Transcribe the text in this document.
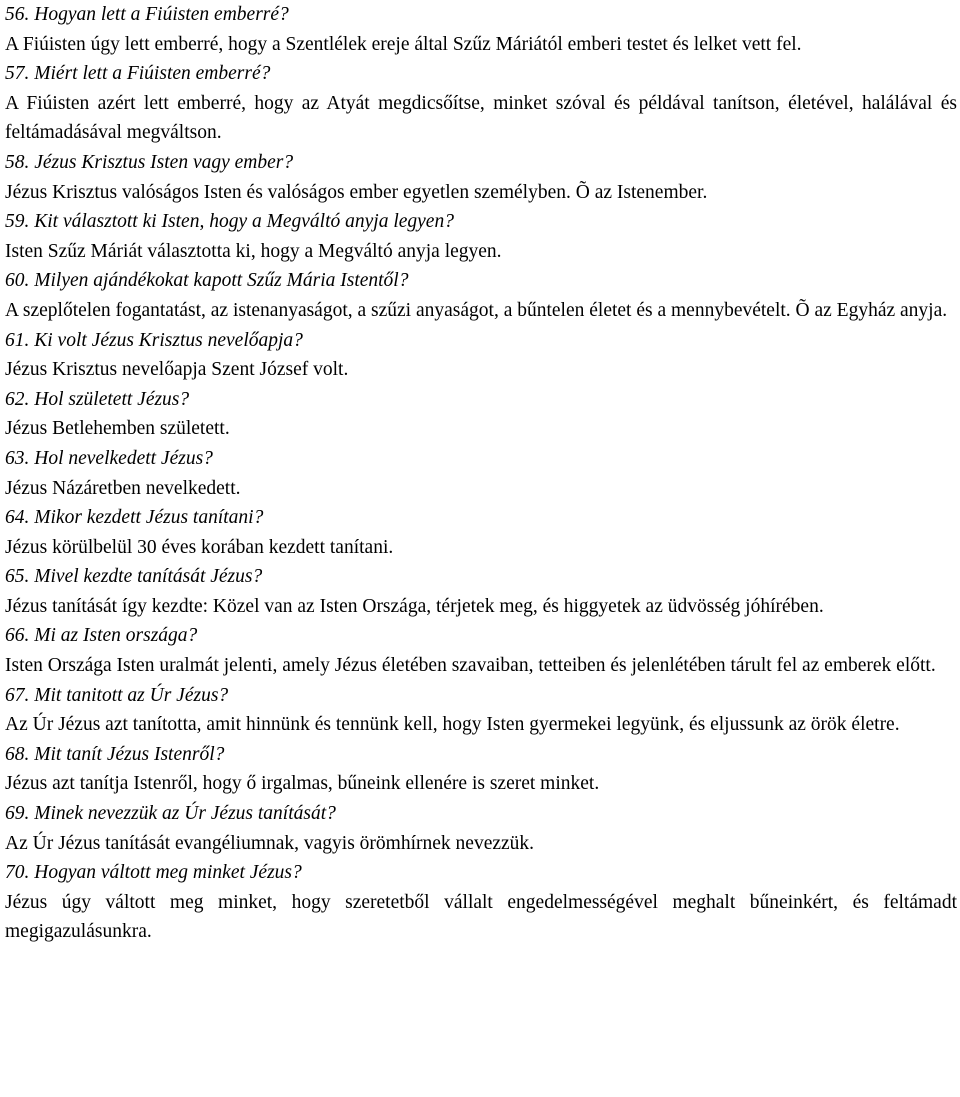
56. Hogyan lett a Fiúisten emberré?
A Fiúisten úgy lett emberré, hogy a Szentlélek ereje által Szűz Máriától emberi testet és lelket vett fel.
57. Miért lett a Fiúisten emberré?
A Fiúisten azért lett emberré, hogy az Atyát megdicsőítse, minket szóval és példával tanítson, életével, halálával és feltámadásával megváltson.
58. Jézus Krisztus Isten vagy ember?
Jézus Krisztus valóságos Isten és valóságos ember egyetlen személyben. Õ az Istenember.
59. Kit választott ki Isten, hogy a Megváltó anyja legyen?
Isten Szűz Máriát választotta ki, hogy a Megváltó anyja legyen.
60. Milyen ajándékokat kapott Szűz Mária Istentől?
A szeplőtelen fogantatást, az istenanyaságot, a szűzi anyaságot, a bűntelen életet és a mennybevételt. Õ az Egyház anyja.
61. Ki volt Jézus Krisztus nevelőapja?
Jézus Krisztus nevelőapja Szent József volt.
62. Hol született Jézus?
Jézus Betlehemben született.
63. Hol nevelkedett Jézus?
Jézus Názáretben nevelkedett.
64. Mikor kezdett Jézus tanítani?
Jézus körülbelül 30 éves korában kezdett tanítani.
65. Mivel kezdte tanítását Jézus?
Jézus tanítását így kezdte: Közel van az Isten Országa, térjetek meg, és higgyetek az üdvösség jóhírében.
66. Mi az Isten országa?
Isten Országa Isten uralmát jelenti, amely Jézus életében szavaiban, tetteiben és jelenlétében tárult fel az emberek előtt.
67. Mit tanitott az Úr Jézus?
Az Úr Jézus azt tanította, amit hinnünk és tennünk kell, hogy Isten gyermekei legyünk, és eljussunk az örök életre.
68. Mit tanít Jézus Istenről?
Jézus azt tanítja Istenről, hogy ő irgalmas, bűneink ellenére is szeret minket.
69. Minek nevezzük az Úr Jézus tanítását?
Az Úr Jézus tanítását evangéliumnak, vagyis örömhírnek nevezzük.
70. Hogyan váltott meg minket Jézus?
Jézus úgy váltott meg minket, hogy szeretetből vállalt engedelmességével meghalt bűneinkért, és feltámadt megigazulásunkra.
